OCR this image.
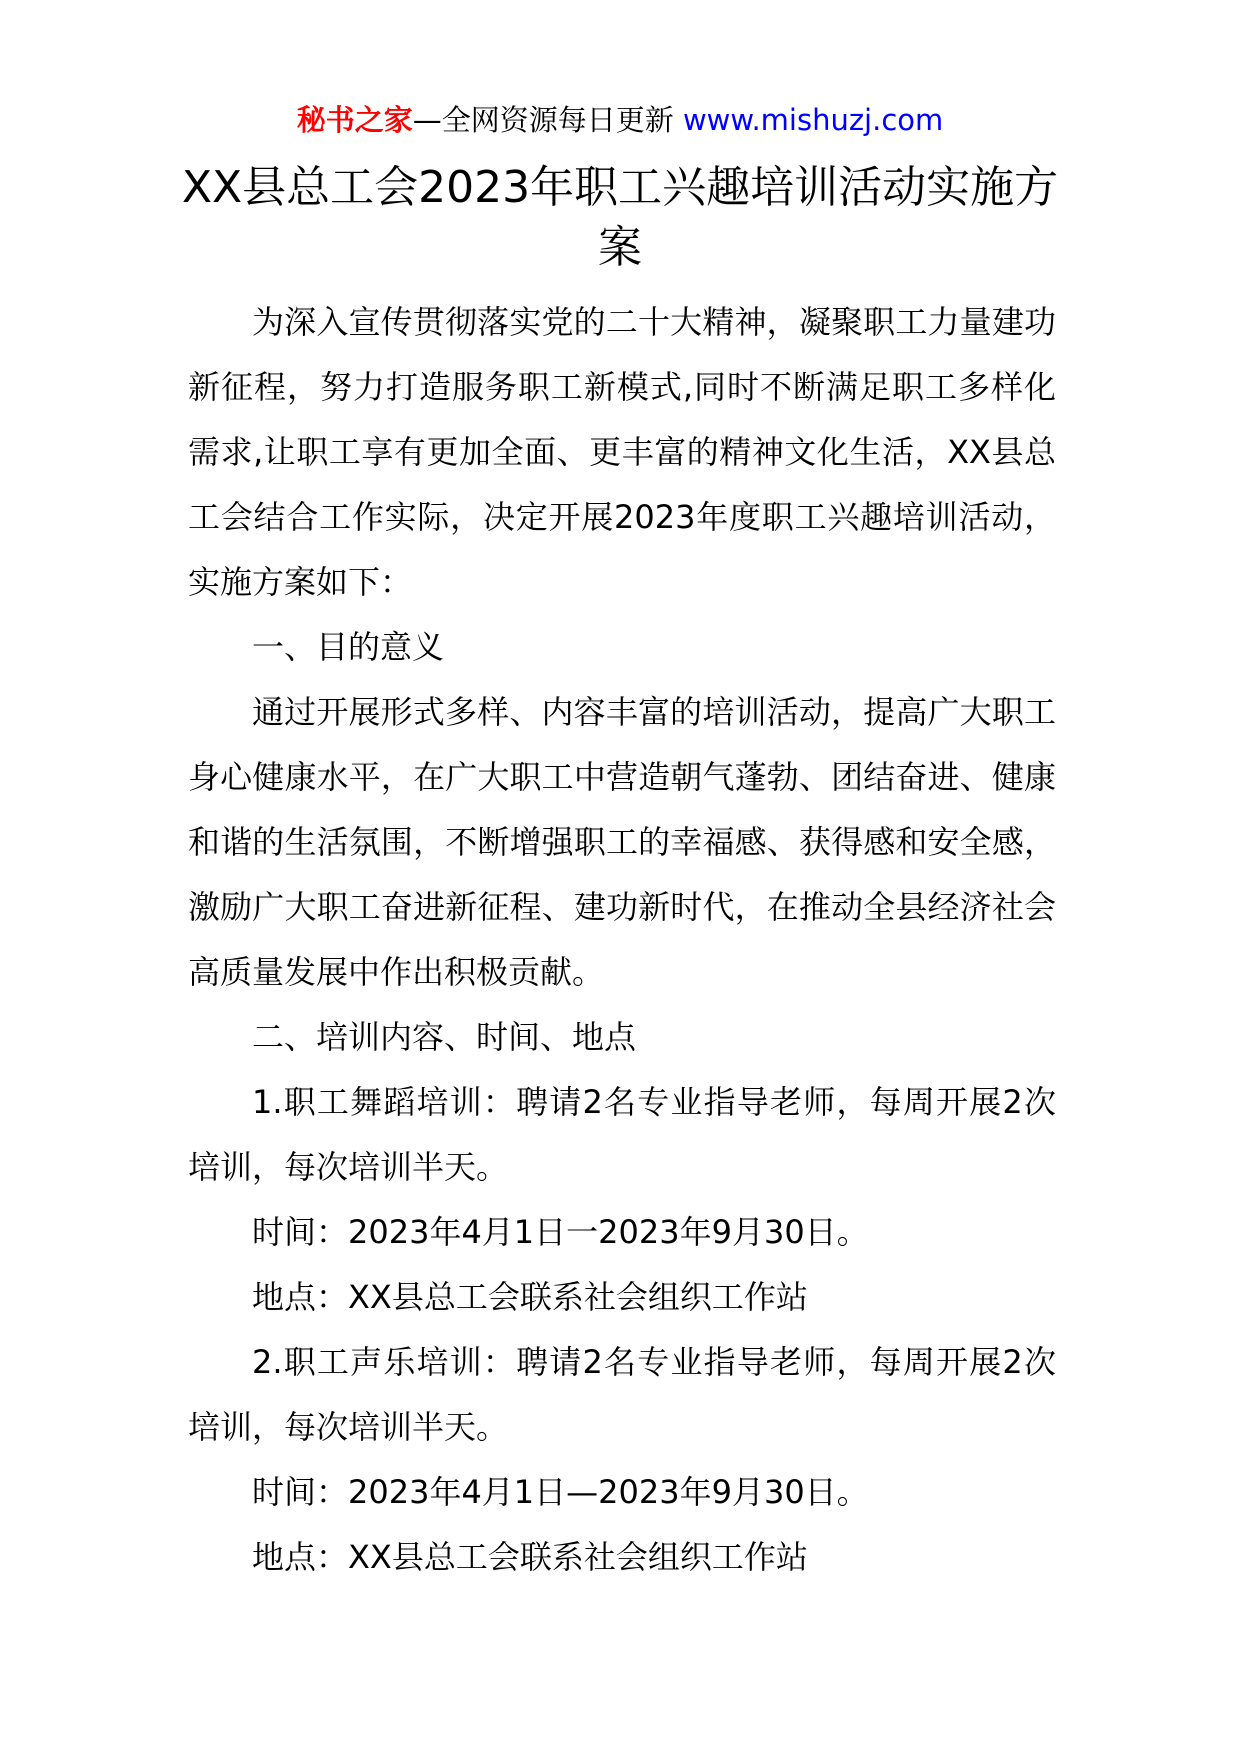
秘书之家—全网资源每日更新 www.mishuzj.com
XX县总工会2023年职工兴趣培训活动实施方案

为深入宣传贯彻落实党的二十大精神，凝聚职工力量建功新征程，努力打造服务职工新模式,同时不断满足职工多样化需求,让职工享有更加全面、更丰富的精神文化生活，XX县总工会结合工作实际，决定开展2023年度职工兴趣培训活动，实施方案如下：

一、目的意义

通过开展形式多样、内容丰富的培训活动，提高广大职工身心健康水平，在广大职工中营造朝气蓬勃、团结奋进、健康和谐的生活氛围，不断增强职工的幸福感、获得感和安全感，激励广大职工奋进新征程、建功新时代，在推动全县经济社会高质量发展中作出积极贡献。

二、培训内容、时间、地点

1.职工舞蹈培训：聘请2名专业指导老师，每周开展2次培训，每次培训半天。

时间：2023年4月1日一2023年9月30日。

地点：XX县总工会联系社会组织工作站

2.职工声乐培训：聘请2名专业指导老师，每周开展2次培训，每次培训半天。

时间：2023年4月1日—2023年9月30日。

地点：XX县总工会联系社会组织工作站
